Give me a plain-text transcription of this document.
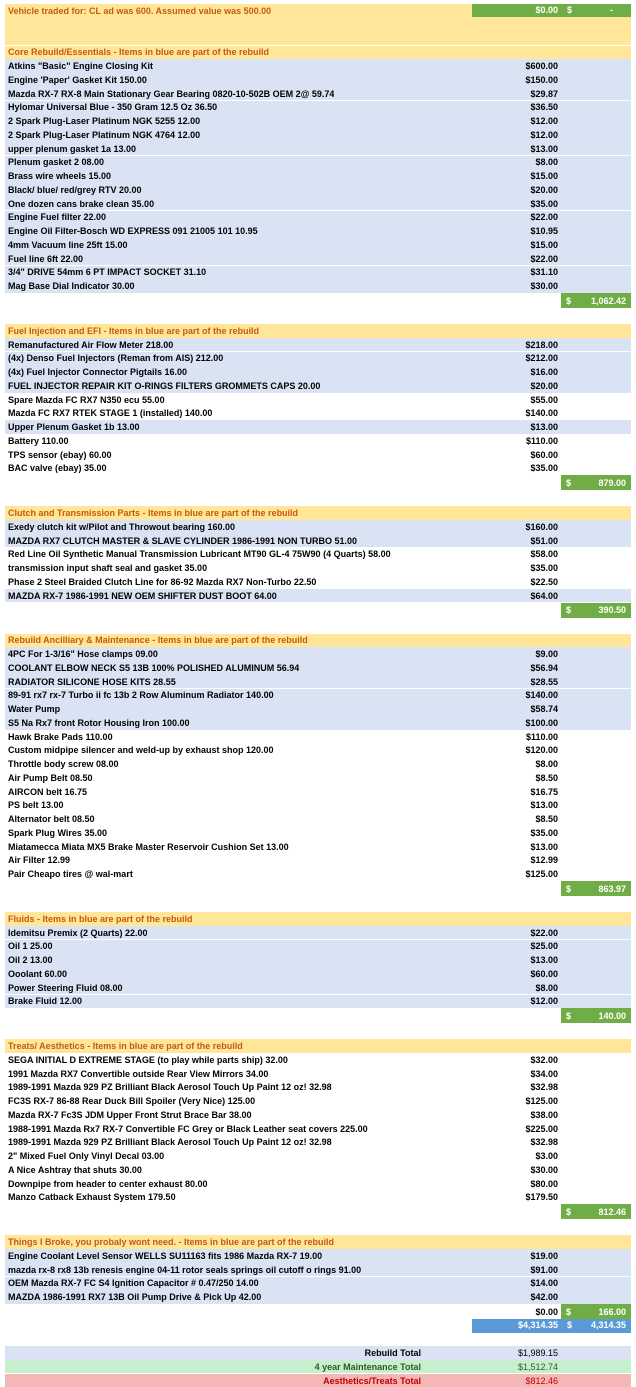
Vehicle traded for: CL ad was 600. Assumed value was 500.00	$0.00 $	-
Core Rebuild/Essentials - Items in blue are part of the rebuild
Atkins "Basic" Engine Closing Kit	$600.00
Engine 'Paper' Gasket Kit 150.00	$150.00
Mazda RX-7 RX-8 Main Stationary Gear Bearing 0820-10-502B OEM 2@ 59.74	$29.87
Hylomar Universal Blue - 350 Gram 12.5 Oz 36.50	$36.50
2 Spark Plug-Laser Platinum NGK 5255 12.00	$12.00
2 Spark Plug-Laser Platinum NGK 4764 12.00	$12.00
upper plenum gasket 1a 13.00	$13.00
Plenum gasket 2 08.00	$8.00
Brass wire wheels 15.00	$15.00
Black/ blue/ red/grey RTV 20.00	$20.00
One dozen cans brake clean 35.00	$35.00
Engine Fuel filter 22.00	$22.00
Engine Oil Filter-Bosch WD EXPRESS 091 21005 101 10.95	$10.95
4mm Vacuum line 25ft 15.00	$15.00
Fuel line 6ft 22.00	$22.00
3/4" DRIVE 54mm 6 PT IMPACT SOCKET 31.10	$31.10
Mag Base Dial Indicator 30.00	$30.00
$ 1,062.42
Fuel Injection and EFI - Items in blue are part of the rebuild
Remanufactured Air Flow Meter 218.00	$218.00
(4x) Denso Fuel Injectors (Reman from AIS) 212.00	$212.00
(4x) Fuel Injector Connector Pigtails 16.00	$16.00
FUEL INJECTOR REPAIR KIT O-RINGS FILTERS GROMMETS CAPS 20.00	$20.00
Spare Mazda FC RX7 N350 ecu 55.00	$55.00
Mazda FC RX7 RTEK STAGE 1 (installed) 140.00	$140.00
Upper Plenum Gasket 1b 13.00	$13.00
Battery 110.00	$110.00
TPS sensor (ebay) 60.00	$60.00
BAC valve (ebay) 35.00	$35.00
$	879.00
Clutch and Transmission Parts - Items in blue are part of the rebuild
Exedy clutch kit w/Pilot and Throwout bearing 160.00	$160.00
MAZDA RX7 CLUTCH MASTER & SLAVE CYLINDER 1986-1991 NON TURBO 51.00	$51.00
Red Line Oil Synthetic Manual Transmission Lubricant MT90 GL-4 75W90 (4 Quarts) 58.00	$58.00
transmission input shaft seal and gasket 35.00	$35.00
Phase 2 Steel Braided Clutch Line for 86-92 Mazda RX7 Non-Turbo 22.50	$22.50
MAZDA RX-7 1986-1991 NEW OEM SHIFTER DUST BOOT 64.00	$64.00
$	390.50
Rebuild Ancilliary & Maintenance - Items in blue are part of the rebuild
4PC For 1-3/16" Hose clamps 09.00	$9.00
COOLANT ELBOW NECK S5 13B 100% POLISHED ALUMINUM 56.94	$56.94
RADIATOR SILICONE HOSE KITS 28.55	$28.55
89-91 rx7 rx-7 Turbo ii fc 13b 2 Row Aluminum Radiator 140.00	$140.00
Water Pump	$58.74
S5 Na Rx7 front Rotor Housing Iron 100.00	$100.00
Hawk Brake Pads 110.00	$110.00
Custom midpipe silencer and weld-up by exhaust shop 120.00	$120.00
Throttle body screw 08.00	$8.00
Air Pump Belt 08.50	$8.50
AIRCON belt 16.75	$16.75
PS belt 13.00	$13.00
Alternator belt 08.50	$8.50
Spark Plug Wires 35.00	$35.00
Miatamecca Miata MX5 Brake Master Reservoir Cushion Set 13.00	$13.00
Air Filter 12.99	$12.99
Pair Cheapo tires @ wal-mart	$125.00
$	863.97
Fluids - Items in blue are part of the rebuild
Idemitsu Premix (2 Quarts) 22.00	$22.00
Oil 1 25.00	$25.00
Oil 2 13.00	$13.00
Ooolant 60.00	$60.00
Power Steering Fluid 08.00	$8.00
Brake Fluid 12.00	$12.00
$	140.00
Treats/ Aesthetics - Items in blue are part of the rebuild
SEGA INITIAL D EXTREME STAGE (to play while parts ship) 32.00	$32.00
1991 Mazda RX7 Convertible outside Rear View Mirrors 34.00	$34.00
1989-1991 Mazda 929 PZ Brilliant Black Aerosol Touch Up Paint 12 oz! 32.98	$32.98
FC3S RX-7 86-88 Rear Duck Bill Spoiler (Very Nice) 125.00	$125.00
Mazda RX-7 Fc3S JDM Upper Front Strut Brace Bar 38.00	$38.00
1988-1991 Mazda Rx7 RX-7 Convertible FC Grey or Black Leather seat covers 225.00	$225.00
1989-1991 Mazda 929 PZ Brilliant Black Aerosol Touch Up Paint 12 oz! 32.98	$32.98
2" Mixed Fuel Only Vinyl Decal 03.00	$3.00
A Nice Ashtray that shuts 30.00	$30.00
Downpipe from header to center exhaust 80.00	$80.00
Manzo Catback Exhaust System 179.50	$179.50
$	812.46
Things I Broke, you probaly wont need. - Items in blue are part of the rebuild
Engine Coolant Level Sensor WELLS SU11163 fits 1986 Mazda RX-7 19.00	$19.00
mazda rx-8 rx8 13b renesis engine 04-11 rotor seals springs oil cutoff o rings 91.00	$91.00
OEM Mazda RX-7 FC S4 Ignition Capacitor # 0.47/250 14.00	$14.00
MAZDA 1986-1991 RX7 13B Oil Pump Drive & Pick Up 42.00	$42.00
$0.00 $	166.00
$4,314.35 $ 4,314.35
Rebuild Total	$1,989.15
4 year Maintenance Total	$1,512.74
Aesthetics/Treats Total	$812.46
